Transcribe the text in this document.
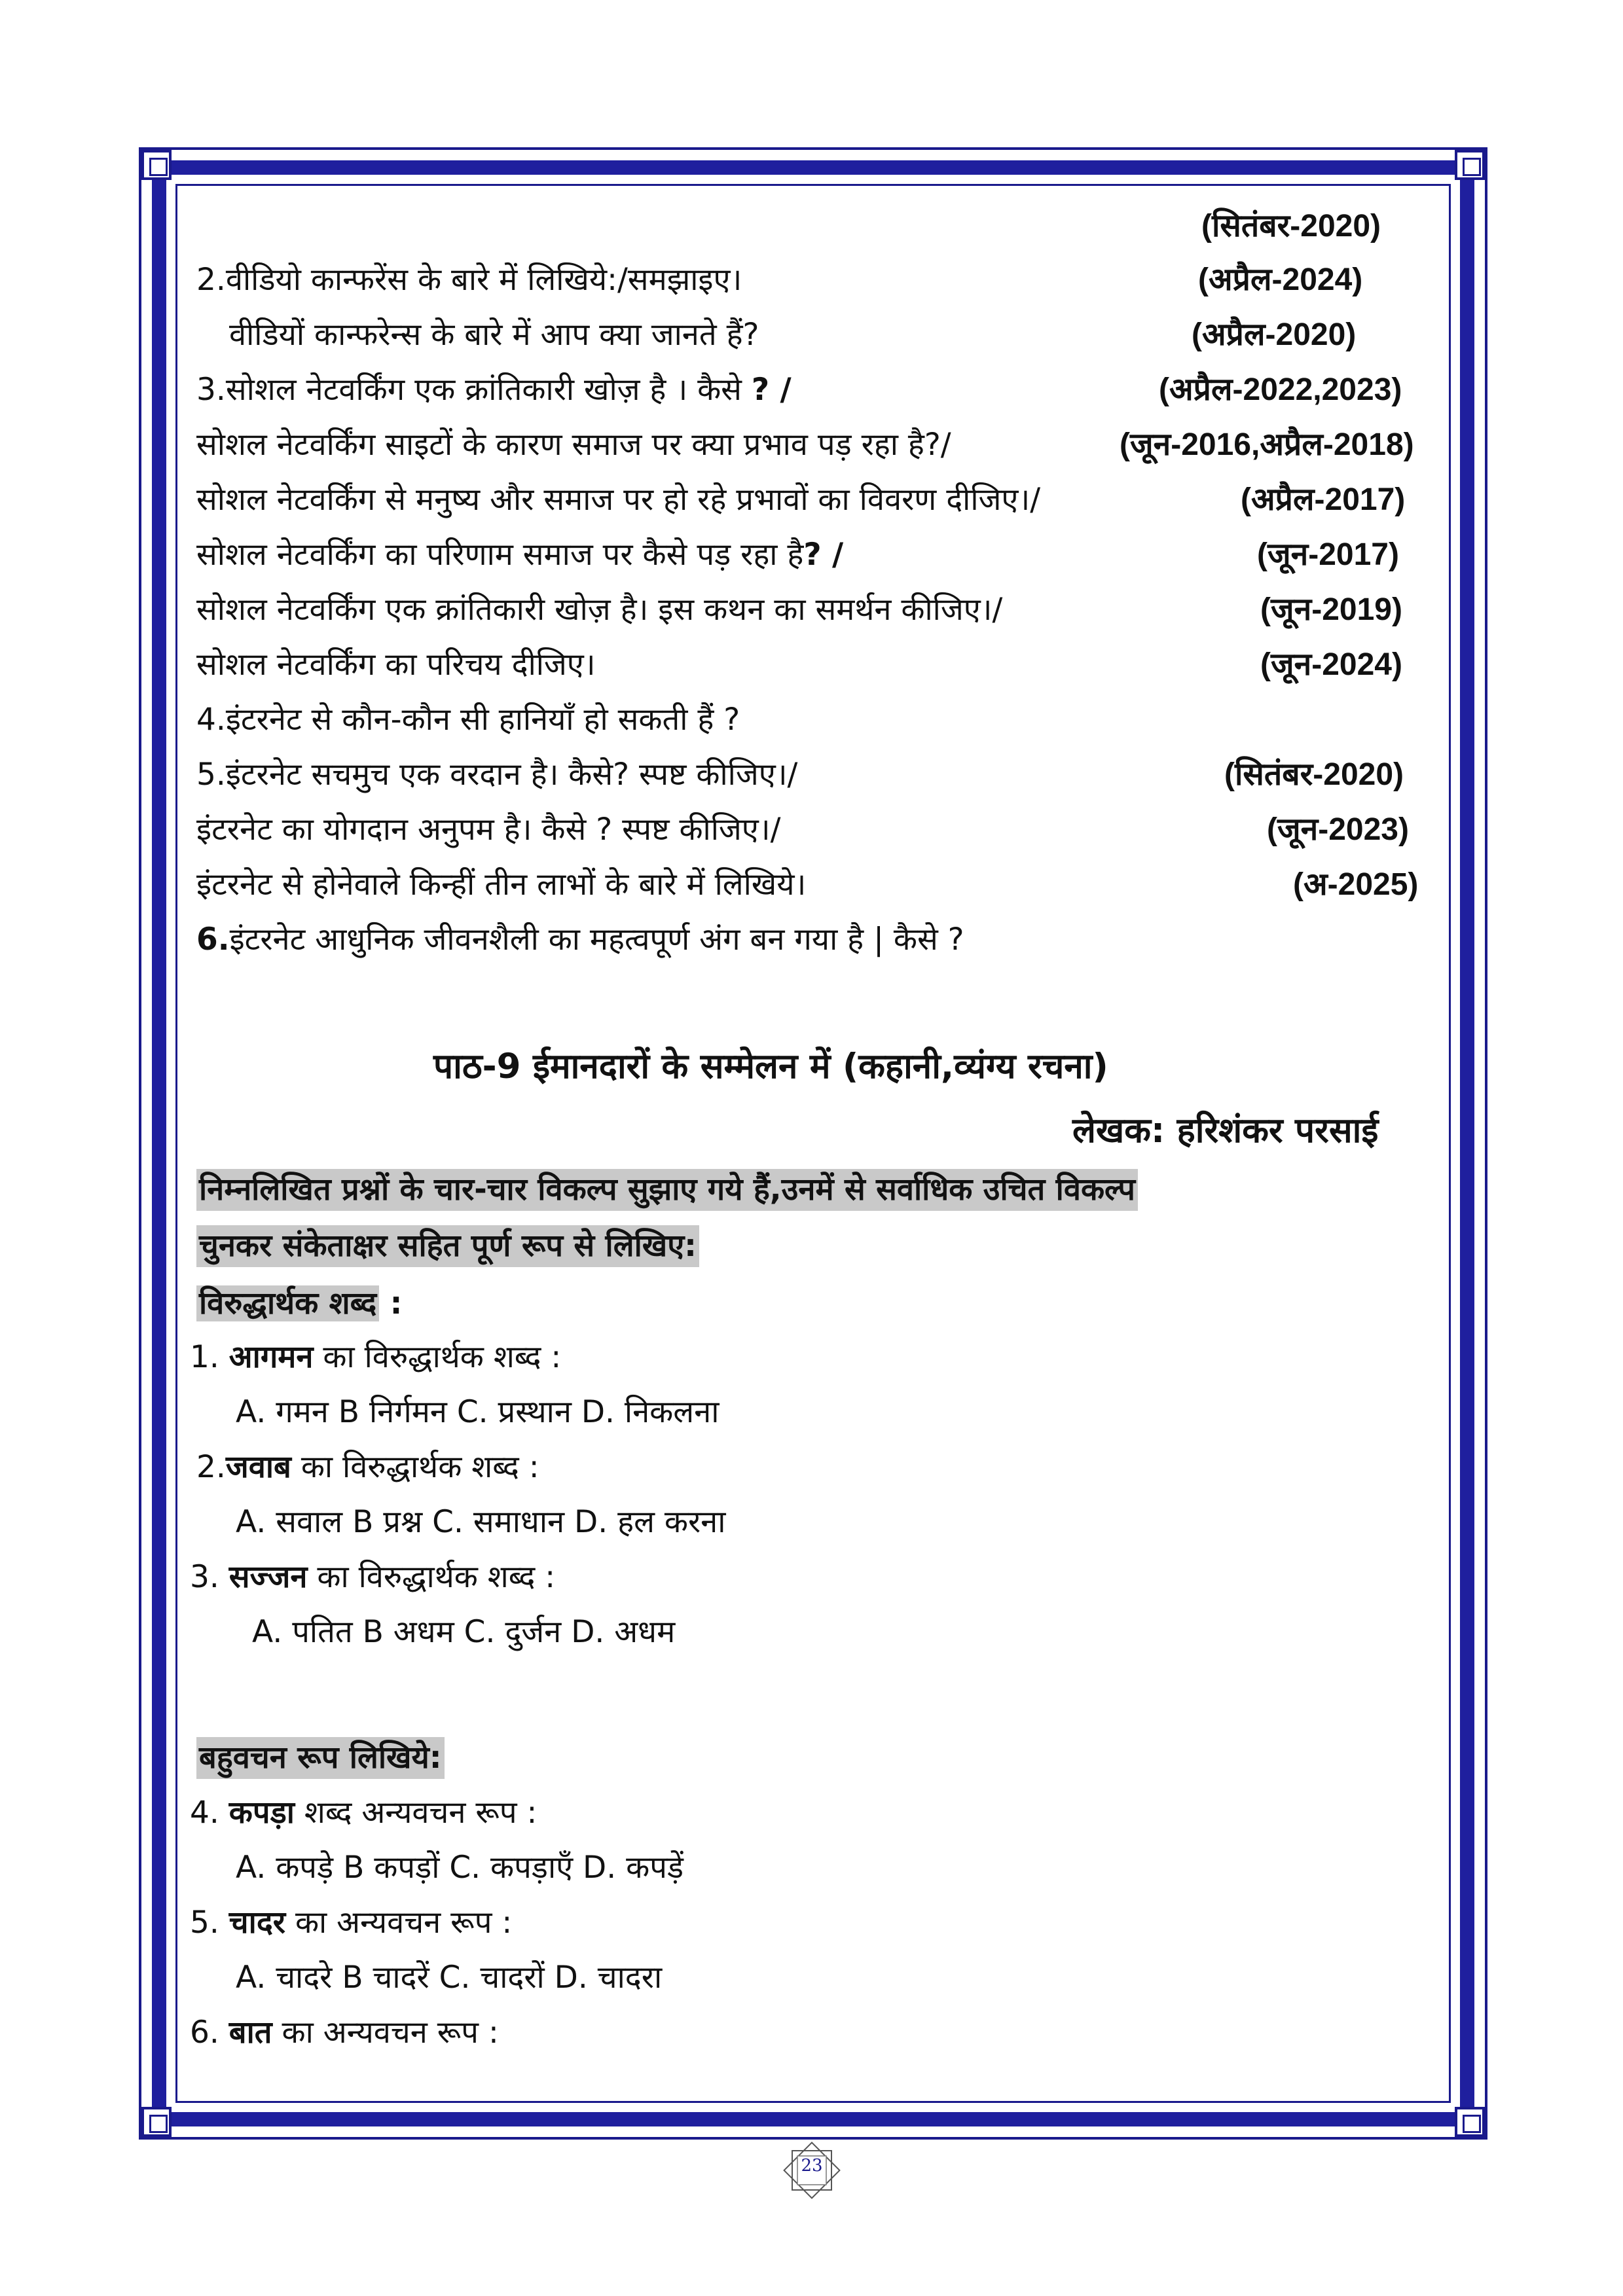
(सितंबर-2020)
2.वीडियो कान्फरेंस के बारे में लिखिये:/समझाइए।	(अप्रैल-2024)
वीडियों कान्फरेन्स के बारे में आप क्या जानते हैं?	(अप्रैल-2020)
3.सोशल नेटवर्किंग एक क्रांतिकारी खोज़ है । कैसे ? /	(अप्रैल-2022,2023)
सोशल नेटवर्किंग साइटों के कारण समाज पर क्या प्रभाव पड़ रहा है?/	(जून-2016,अप्रैल-2018)
सोशल नेटवर्किंग से मनुष्य और समाज पर हो रहे प्रभावों का विवरण दीजिए।/	(अप्रैल-2017)
सोशल नेटवर्किंग का परिणाम समाज पर कैसे पड़ रहा है? /	(जून-2017)
सोशल नेटवर्किंग एक क्रांतिकारी खोज़ है। इस कथन का समर्थन कीजिए।/	(जून-2019)
सोशल नेटवर्किंग का परिचय दीजिए।	(जून-2024)
4.इंटरनेट से कौन-कौन सी हानियाँ हो सकती हैं ?
5.इंटरनेट सचमुच एक वरदान है। कैसे? स्पष्ट कीजिए।/	(सितंबर-2020)
इंटरनेट का योगदान अनुपम है। कैसे ? स्पष्ट कीजिए।/	(जून-2023)
इंटरनेट से होनेवाले किन्हीं तीन लाभों के बारे में लिखिये।	(अ-2025)
6.इंटरनेट आधुनिक जीवनशैली का महत्वपूर्ण अंग बन गया है | कैसे ?
पाठ-9 ईमानदारों के सम्मेलन में (कहानी,व्यंग्य रचना)
लेखक: हरिशंकर परसाई
निम्नलिखित प्रश्नों के चार-चार विकल्प सुझाए गये हैं,उनमें से सर्वाधिक उचित विकल्प
चुनकर संकेताक्षर सहित पूर्ण रूप से लिखिए:
विरुद्धार्थक शब्द :
1. आगमन का विरुद्धार्थक शब्द :
A. गमन B निर्गमन C. प्रस्थान D. निकलना
2.जवाब का विरुद्धार्थक शब्द :
A. सवाल B प्रश्न C. समाधान D. हल करना
3. सज्जन का विरुद्धार्थक शब्द :
A. पतित B अधम C. दुर्जन D. अधम
बहुवचन रूप लिखिये:
4. कपड़ा शब्द अन्यवचन रूप :
A. कपड़े B कपड़ों C. कपड़ाएँ D. कपड़ें
5. चादर का अन्यवचन रूप :
A. चादरे B चादरें C. चादरों D. चादरा
6. बात का अन्यवचन रूप :
23
